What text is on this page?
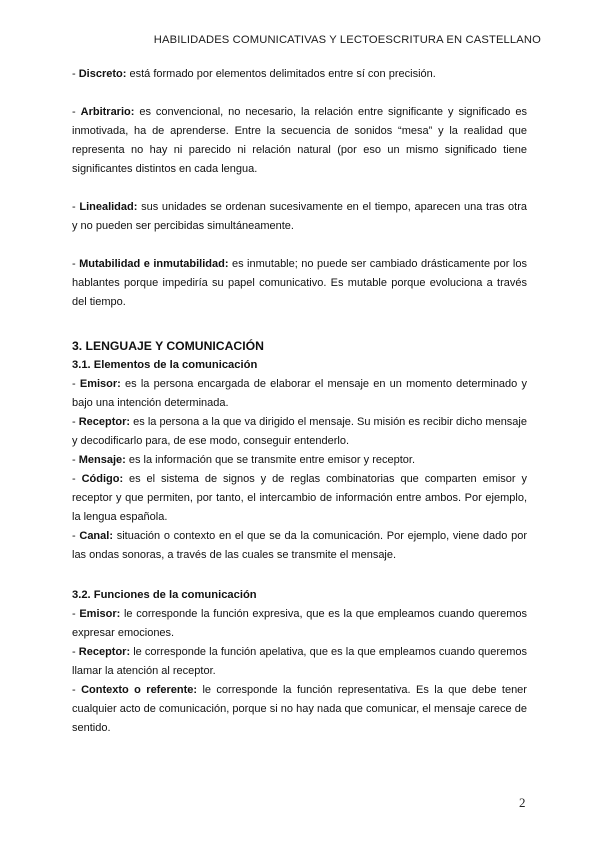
HABILIDADES COMUNICATIVAS Y LECTOESCRITURA EN CASTELLANO

- Discreto: está formado por elementos delimitados entre sí con precisión.

- Arbitrario: es convencional, no necesario, la relación entre significante y significado es inmotivada, ha de aprenderse. Entre la secuencia de sonidos “mesa” y la realidad que representa no hay ni parecido ni relación natural (por eso un mismo significado tiene significantes distintos en cada lengua.

- Linealidad: sus unidades se ordenan sucesivamente en el tiempo, aparecen una tras otra y no pueden ser percibidas simultáneamente.

- Mutabilidad e inmutabilidad: es inmutable; no puede ser cambiado drásticamente por los hablantes porque impediría su papel comunicativo. Es mutable porque evoluciona a través del tiempo.

3. LENGUAJE Y COMUNICACIÓN

3.1. Elementos de la comunicación

- Emisor: es la persona encargada de elaborar el mensaje en un momento determinado y bajo una intención determinada.

- Receptor: es la persona a la que va dirigido el mensaje. Su misión es recibir dicho mensaje y decodificarlo para, de ese modo, conseguir entenderlo.

- Mensaje: es la información que se transmite entre emisor y receptor.

- Código: es el sistema de signos y de reglas combinatorias que comparten emisor y receptor y que permiten, por tanto, el intercambio de información entre ambos. Por ejemplo, la lengua española.

- Canal: situación o contexto en el que se da la comunicación. Por ejemplo, viene dado por las ondas sonoras, a través de las cuales se transmite el mensaje.

3.2. Funciones de la comunicación

- Emisor: le corresponde la función expresiva, que es la que empleamos cuando queremos expresar emociones.

- Receptor: le corresponde la función apelativa, que es la que empleamos cuando queremos llamar la atención al receptor.

- Contexto o referente: le corresponde la función representativa. Es la que debe tener cualquier acto de comunicación, porque si no hay nada que comunicar, el mensaje carece de sentido.

2
